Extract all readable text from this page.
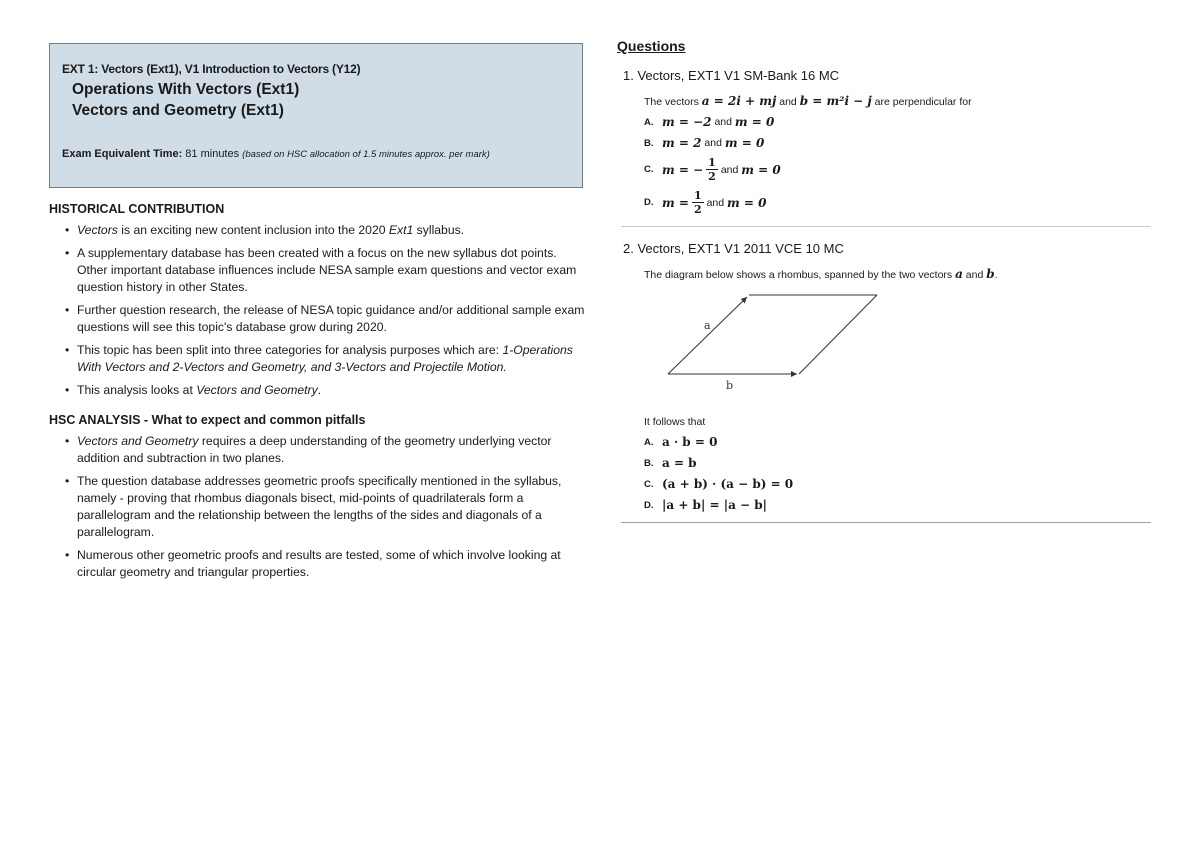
EXT 1: Vectors (Ext1), V1 Introduction to Vectors (Y12)
Operations With Vectors (Ext1)
Vectors and Geometry (Ext1)
Exam Equivalent Time: 81 minutes (based on HSC allocation of 1.5 minutes approx. per mark)
HISTORICAL CONTRIBUTION
• Vectors is an exciting new content inclusion into the 2020 Ext1 syllabus.
• A supplementary database has been created with a focus on the new syllabus dot points. Other important database influences include NESA sample exam questions and vector exam question history in other States.
• Further question research, the release of NESA topic guidance and/or additional sample exam questions will see this topic's database grow during 2020.
• This topic has been split into three categories for analysis purposes which are: 1-Operations With Vectors and 2-Vectors and Geometry, and 3-Vectors and Projectile Motion.
• This analysis looks at Vectors and Geometry.
HSC ANALYSIS - What to expect and common pitfalls
• Vectors and Geometry requires a deep understanding of the geometry underlying vector addition and subtraction in two planes.
• The question database addresses geometric proofs specifically mentioned in the syllabus, namely - proving that rhombus diagonals bisect, mid-points of quadrilaterals form a parallelogram and the relationship between the lengths of the sides and diagonals of a parallelogram.
• Numerous other geometric proofs and results are tested, some of which involve looking at circular geometry and triangular properties.
Questions
1. Vectors, EXT1 V1 SM-Bank 16 MC
The vectors a = 2i + mj and b = m²i − j are perpendicular for
A. m = −2
and
m = 0
B. m = 2
and
m = 0
C. m = − $\frac{1}{2}$ and
m = 0
D. $m = \frac{1}{2}$ and
m = 0
2. Vectors, EXT1 V1 2011 VCE 10 MC
The diagram below shows a rhombus, spanned by the two vectors a and b.
a
b
It follows that
A. a · b = 0
B. a = b
C. (a + b) · (a − b) = 0
D. |a + b| = |a − b|
